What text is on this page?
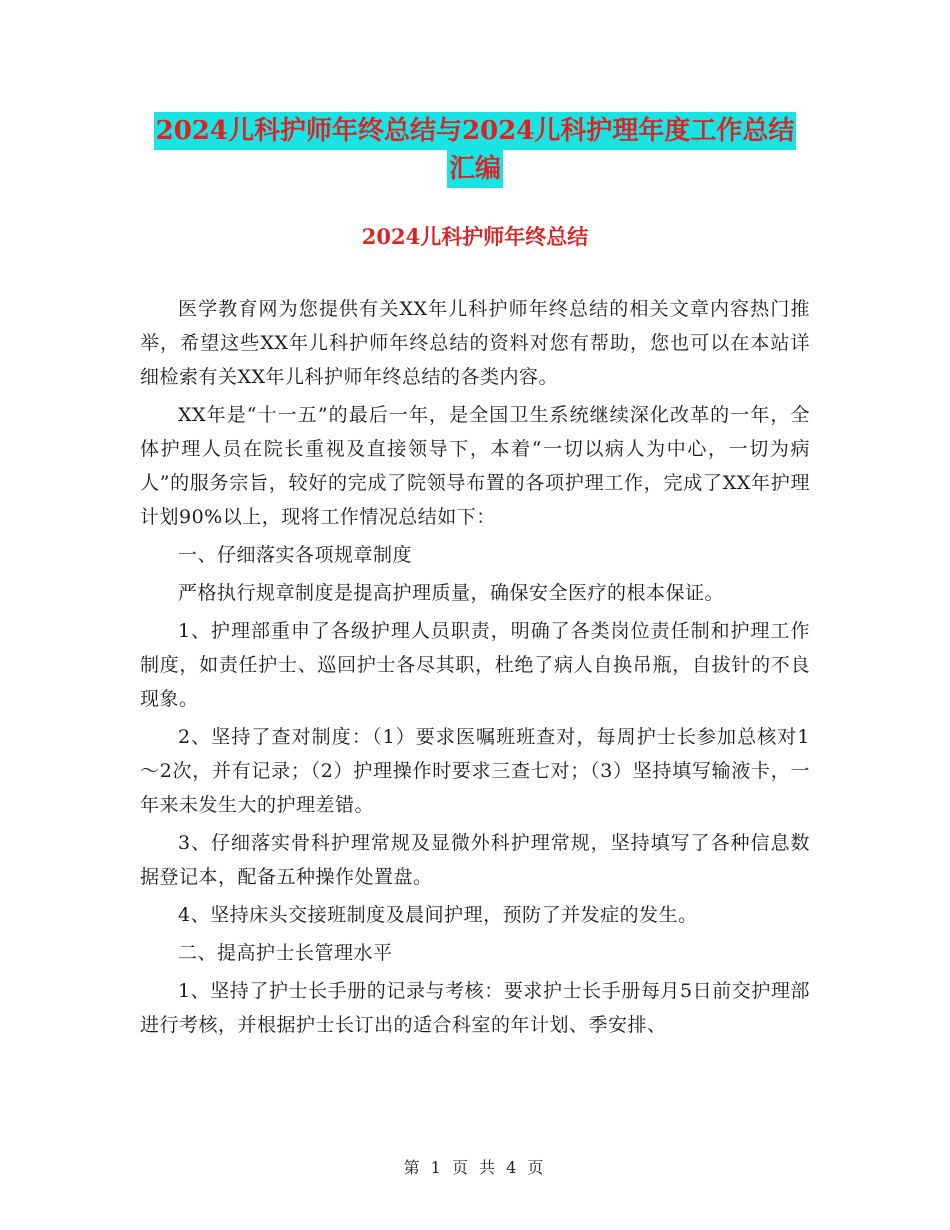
2024儿科护师年终总结与2024儿科护理年度工作总结
汇编
2024儿科护师年终总结

医学教育网为您提供有关XX年儿科护师年终总结的相关文章内容热门推举，希望这些XX年儿科护师年终总结的资料对您有帮助，您也可以在本站详细检索有关XX年儿科护师年终总结的各类内容。

XX年是“十一五”的最后一年，是全国卫生系统继续深化改革的一年，全体护理人员在院长重视及直接领导下，本着“一切以病人为中心，一切为病人”的服务宗旨，较好的完成了院领导布置的各项护理工作，完成了XX年护理计划90%以上，现将工作情况总结如下：

一、仔细落实各项规章制度

严格执行规章制度是提高护理质量，确保安全医疗的根本保证。

1、护理部重申了各级护理人员职责，明确了各类岗位责任制和护理工作制度，如责任护士、巡回护士各尽其职，杜绝了病人自换吊瓶，自拔针的不良现象。

2、坚持了查对制度：（1）要求医嘱班班查对，每周护士长参加总核对1～2次，并有记录；（2）护理操作时要求三查七对；（3）坚持填写输液卡，一年来未发生大的护理差错。

3、仔细落实骨科护理常规及显微外科护理常规，坚持填写了各种信息数据登记本，配备五种操作处置盘。

4、坚持床头交接班制度及晨间护理，预防了并发症的发生。

二、提高护士长管理水平

1、坚持了护士长手册的记录与考核：要求护士长手册每月5日前交护理部进行考核，并根据护士长订出的适合科室的年计划、季安排、

第 1 页 共 4 页
